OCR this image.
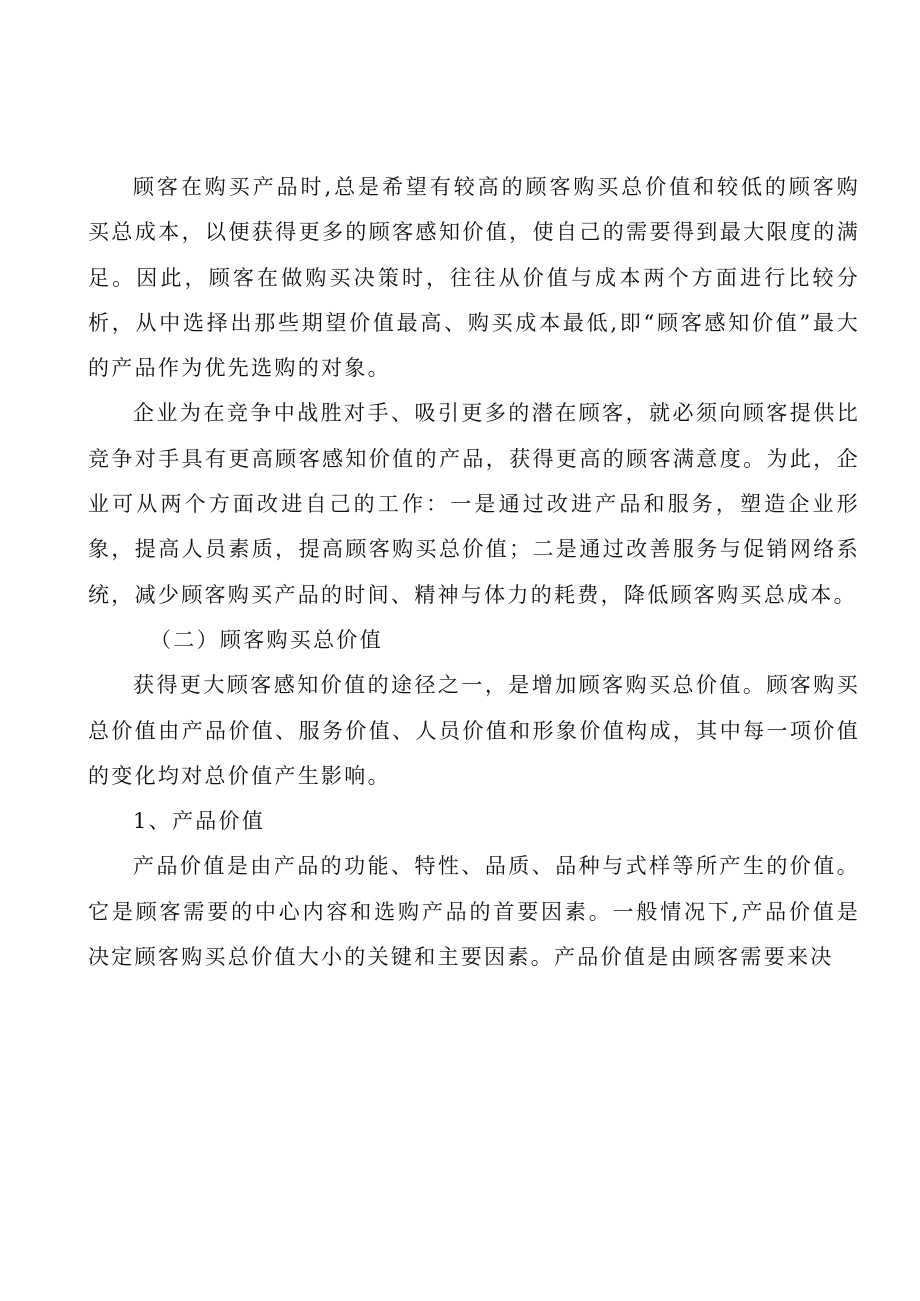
顾客在购买产品时,总是希望有较高的顾客购买总价值和较低的顾客购买总成本，以便获得更多的顾客感知价值，使自己的需要得到最大限度的满足。因此，顾客在做购买决策时，往往从价值与成本两个方面进行比较分析，从中选择出那些期望价值最高、购买成本最低,即“顾客感知价值”最大的产品作为优先选购的对象。

企业为在竞争中战胜对手、吸引更多的潜在顾客，就必须向顾客提供比竞争对手具有更高顾客感知价值的产品，获得更高的顾客满意度。为此，企业可从两个方面改进自己的工作：一是通过改进产品和服务，塑造企业形象，提高人员素质，提高顾客购买总价值；二是通过改善服务与促销网络系统，减少顾客购买产品的时间、精神与体力的耗费，降低顾客购买总成本。

（二）顾客购买总价值

获得更大顾客感知价值的途径之一，是增加顾客购买总价值。顾客购买总价值由产品价值、服务价值、人员价值和形象价值构成，其中每一项价值的变化均对总价值产生影响。

1、产品价值

产品价值是由产品的功能、特性、品质、品种与式样等所产生的价值。它是顾客需要的中心内容和选购产品的首要因素。一般情况下,产品价值是决定顾客购买总价值大小的关键和主要因素。产品价值是由顾客需要来决
